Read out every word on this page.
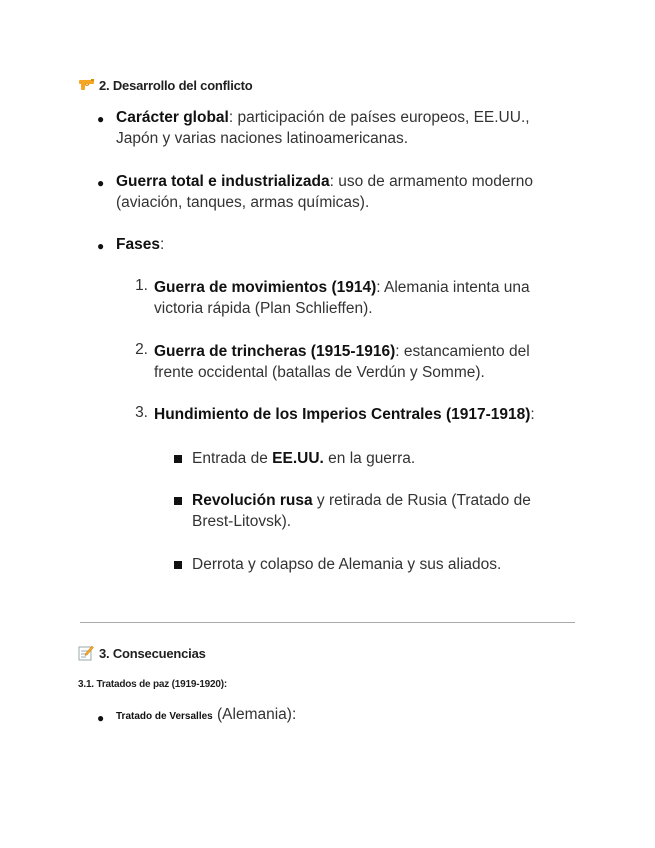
2. Desarrollo del conflicto
● Carácter global: participación de países europeos, EE.UU.,
Japón y varias naciones latinoamericanas.
● Guerra total e industrializada: uso de armamento moderno
(aviación, tanques, armas químicas).
● Fases:
1. Guerra de movimientos (1914): Alemania intenta una
victoria rápida (Plan Schlieffen).
2. Guerra de trincheras (1915-1916): estancamiento del
frente occidental (batallas de Verdún y Somme).
3. Hundimiento de los Imperios Centrales (1917-1918):
Entrada de EE.UU. en la guerra.
Revolución rusa y retirada de Rusia (Tratado de
Brest-Litovsk).
Derrota y colapso de Alemania y sus aliados.
3. Consecuencias
3.1. Tratados de paz (1919-1920):
● Tratado de Versalles (Alemania):
